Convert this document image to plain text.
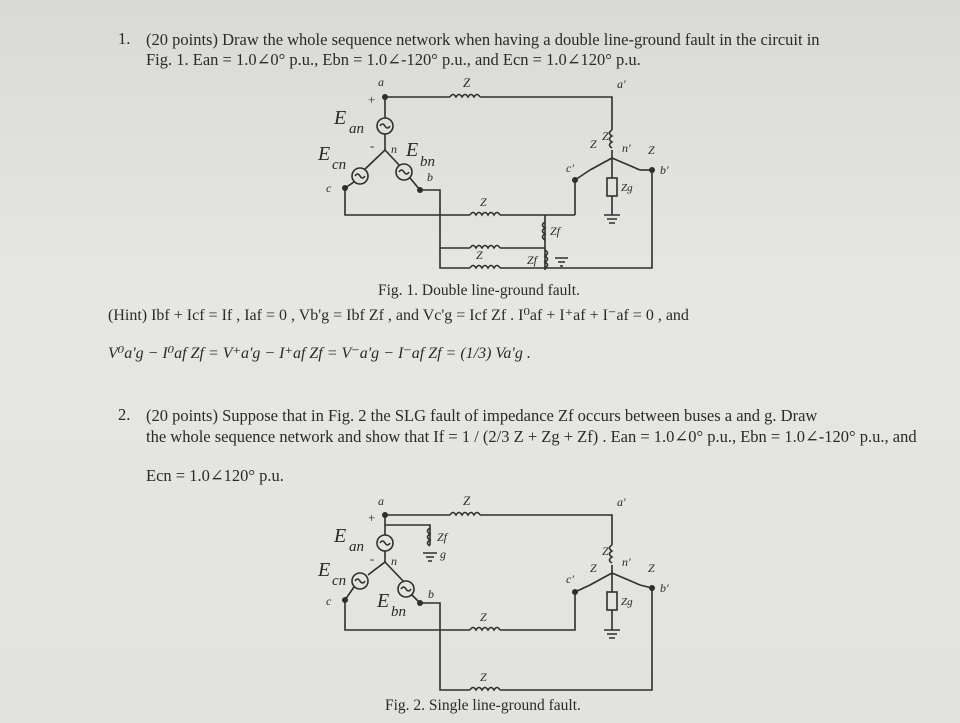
1. (20 points) Draw the whole sequence network when having a double line-ground fault in the circuit in
Fig. 1. Ean = 1.0∠0° p.u., Ebn = 1.0∠-120° p.u., and Ecn = 1.0∠120° p.u.
a
+
Z	a'
E an
- n E
bn
E cn
b
c
Z
Z
Z
n'
c'	b'
Zg
Z
Zf
Z	Zf
Fig. 1. Double line-ground fault.
(Hint) Ibf + Icf = If , Iaf = 0 , Vb'g = Ibf Zf , and Vc'g = Icf Zf . I⁰af + I⁺af + I⁻af = 0 , and
V⁰a'g − I⁰af Zf = V⁺a'g − I⁺af Zf = V⁻a'g − I⁻af Zf = (1/3) Va'g .
2. (20 points) Suppose that in Fig. 2 the SLG fault of impedance Zf occurs between buses a and g. Draw
the whole sequence network and show that If = 1 / (2/3 Z + Zg + Zf) . Ean = 1.0∠0° p.u., Ebn = 1.0∠-120° p.u., and
Ecn = 1.0∠120° p.u.
a
+
Z	a'
E an
Zf
g
- n
E cn
b
c E bn
Z
Z	Z
n'
c'
b'
Zg
Z
Z
Fig. 2. Single line-ground fault.
